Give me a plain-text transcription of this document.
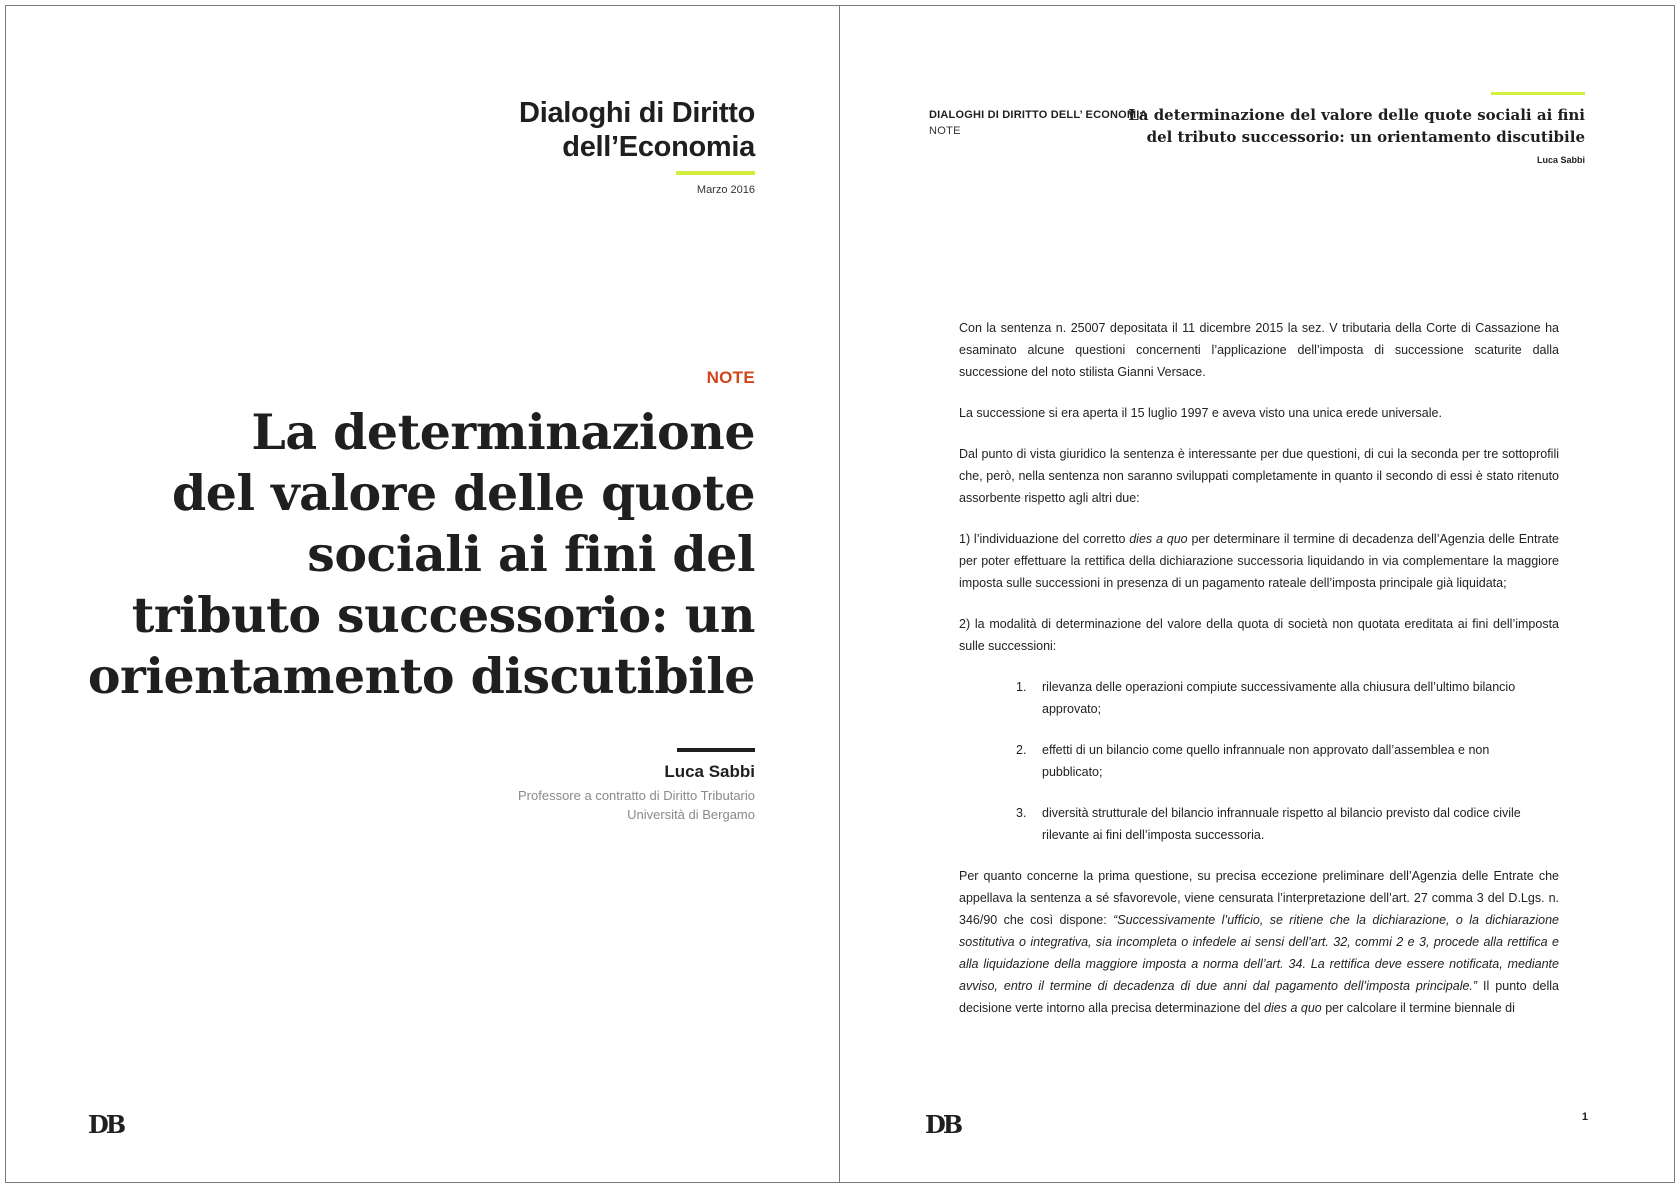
Dialoghi di Diritto
dell’Economia
Marzo 2016
NOTE
La determinazione
del valore delle quote
sociali ai fini del
tributo successorio: un
orientamento discutibile
Luca Sabbi
Professore a contratto di Diritto Tributario
Università di Bergamo
DB
DIALOGHI DI DIRITTO DELL’ ECONOMIA
NOTE
La determinazione del valore delle quote sociali ai fini
del tributo successorio: un orientamento discutibile
Luca Sabbi

Con la sentenza n. 25007 depositata il 11 dicembre 2015 la sez. V tributaria della Corte di Cassazione ha esaminato alcune questioni concernenti l’applicazione dell’imposta di successione scaturite dalla successione del noto stilista Gianni Versace.

La successione si era aperta il 15 luglio 1997 e aveva visto una unica erede universale.

Dal punto di vista giuridico la sentenza è interessante per due questioni, di cui la seconda per tre sottoprofili che, però, nella sentenza non saranno sviluppati completamente in quanto il secondo di essi è stato ritenuto assorbente rispetto agli altri due:

1) l’individuazione del corretto dies a quo per determinare il termine di decadenza dell’Agenzia delle Entrate per poter effettuare la rettifica della dichiarazione successoria liquidando in via complementare la maggiore imposta sulle successioni in presenza di un pagamento rateale dell’imposta principale già liquidata;

2) la modalità di determinazione del valore della quota di società non quotata ereditata ai fini dell’imposta sulle successioni:

1. rilevanza delle operazioni compiute successivamente alla chiusura dell’ultimo bilancio approvato;
2. effetti di un bilancio come quello infrannuale non approvato dall’assemblea e non pubblicato;
3. diversità strutturale del bilancio infrannuale rispetto al bilancio previsto dal codice civile rilevante ai fini dell’imposta successoria.

Per quanto concerne la prima questione, su precisa eccezione preliminare dell’Agenzia delle Entrate che appellava la sentenza a sé sfavorevole, viene censurata l’interpretazione dell’art. 27 comma 3 del D.Lgs. n. 346/90 che così dispone: “Successivamente l’ufficio, se ritiene che la dichiarazione, o la dichiarazione sostitutiva o integrativa, sia incompleta o infedele ai sensi dell’art. 32, commi 2 e 3, procede alla rettifica e alla liquidazione della maggiore imposta a norma dell’art. 34. La rettifica deve essere notificata, mediante avviso, entro il termine di decadenza di due anni dal pagamento dell’imposta principale.” Il punto della decisione verte intorno alla precisa determinazione del dies a quo per calcolare il termine biennale di

DB	1
